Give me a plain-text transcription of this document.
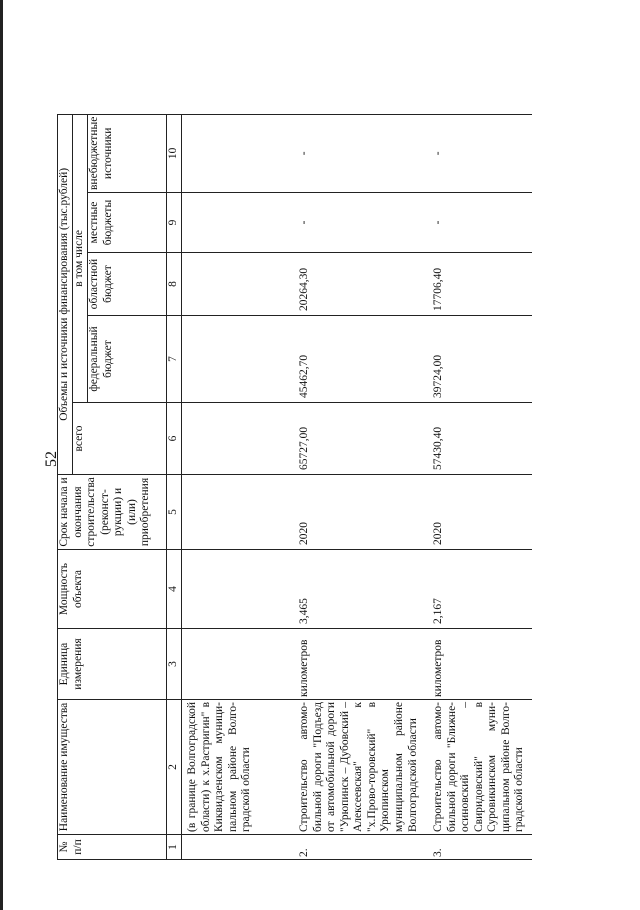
52
№ п/п	Наименование имущества	Единица измерения	Мощность объекта	Срок начала и окончания строительства (реконст-рукции) и (или) приобретения	Объемы и источники финансирования (тыс.рублей)				
					всего	в том числе			
						федеральный бюджет	областной бюджет	местные бюджеты	внебюджетные источники
1	2	3	4	5	6	7	8	9	10
	(в границе Волгоградской области) к х.Растригин" в Киквидзенском муници-пальном районе Волго-градской области								
2.	Строительство автомо-бильной дороги "Подъезд от автомобильной дороги "Урюпинск – Дубовский – Алексеевская" к "х.Прово-торовский" в Урюпинском муниципальном районе Волгоградской области	километров	3,465	2020	65727,00	45462,70	20264,30	-	-
3.	Строительство автомо-бильной дороги "Ближне-осиновский – Свиридовский" в Суровикинском муни-ципальном районе Волго-градской области	километров	2,167	2020	57430,40	39724,00	17706,40	-	-
